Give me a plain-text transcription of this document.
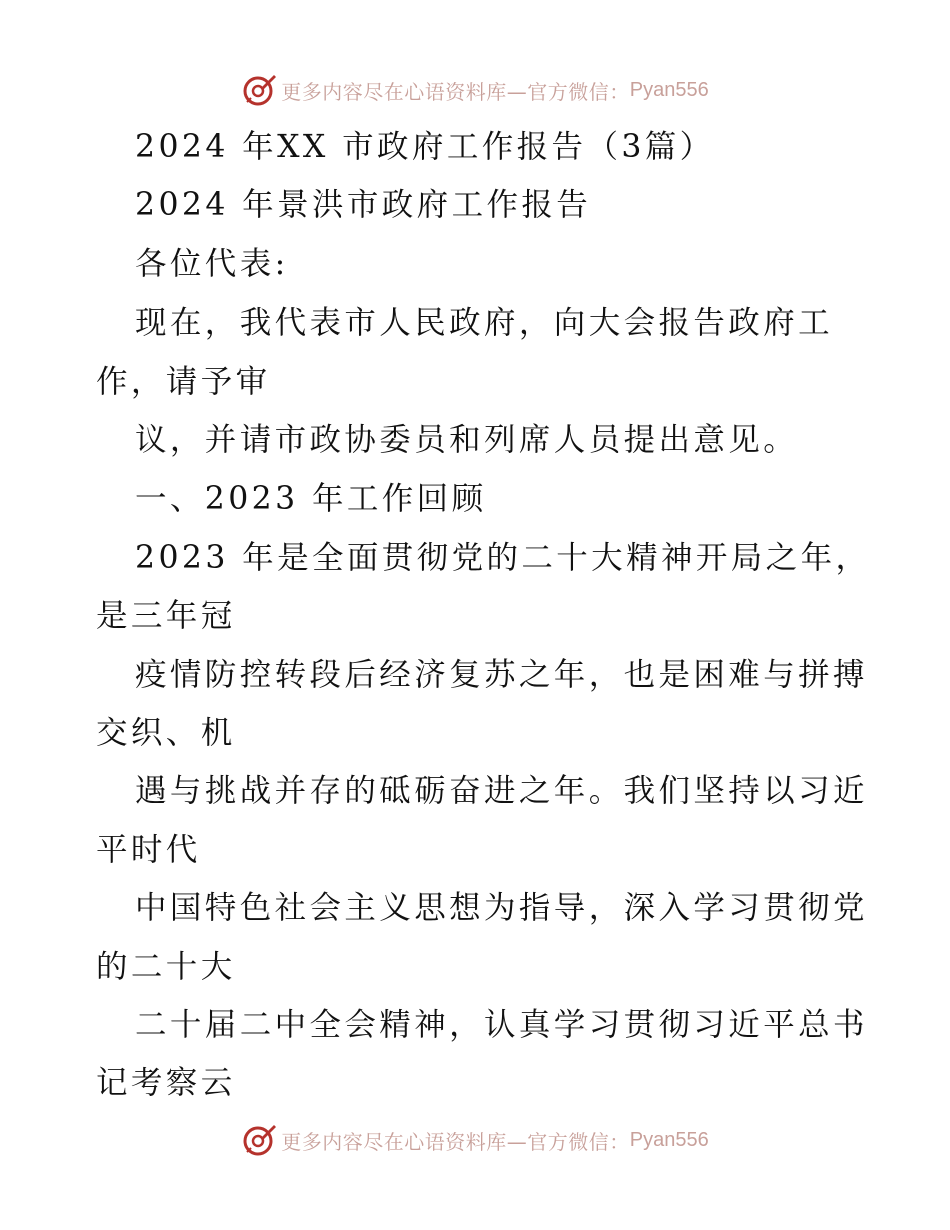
更多内容尽在心语资料库—官方微信： Pyan556
2024 年XX 市政府工作报告（3篇）
2024 年景洪市政府工作报告
各位代表:
现在，我代表市人民政府，向大会报告政府工
作，请予审
议，并请市政协委员和列席人员提出意见。
一、2023 年工作回顾
2023 年是全面贯彻党的二十大精神开局之年，
是三年冠
疫情防控转段后经济复苏之年，也是困难与拼搏
交织、机
遇与挑战并存的砥砺奋进之年。我们坚持以习近
平时代
中国特色社会主义思想为指导，深入学习贯彻党
的二十大
二十届二中全会精神，认真学习贯彻习近平总书
记考察云
更多内容尽在心语资料库—官方微信： Pyan556
